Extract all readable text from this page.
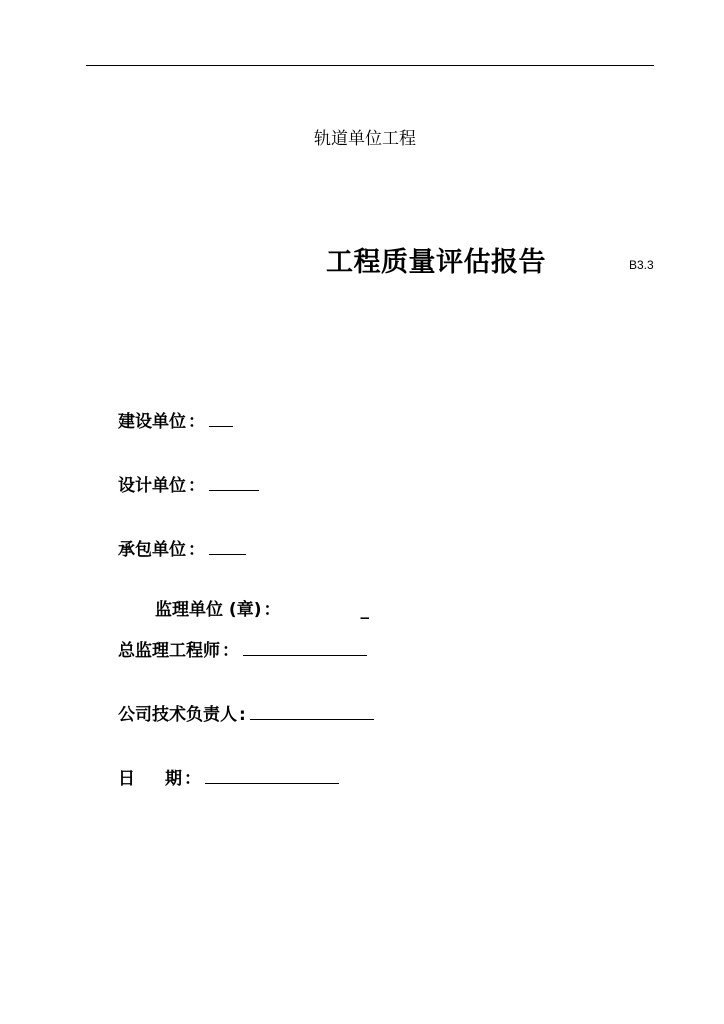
轨道单位工程
工程质量评估报告	B3.3
建设单位 ：
设计单位 ：
承包单位 ：
监理单位 (章) ：	_
总监理工程师 ：
公司技术负责人 :
日 期 ：
